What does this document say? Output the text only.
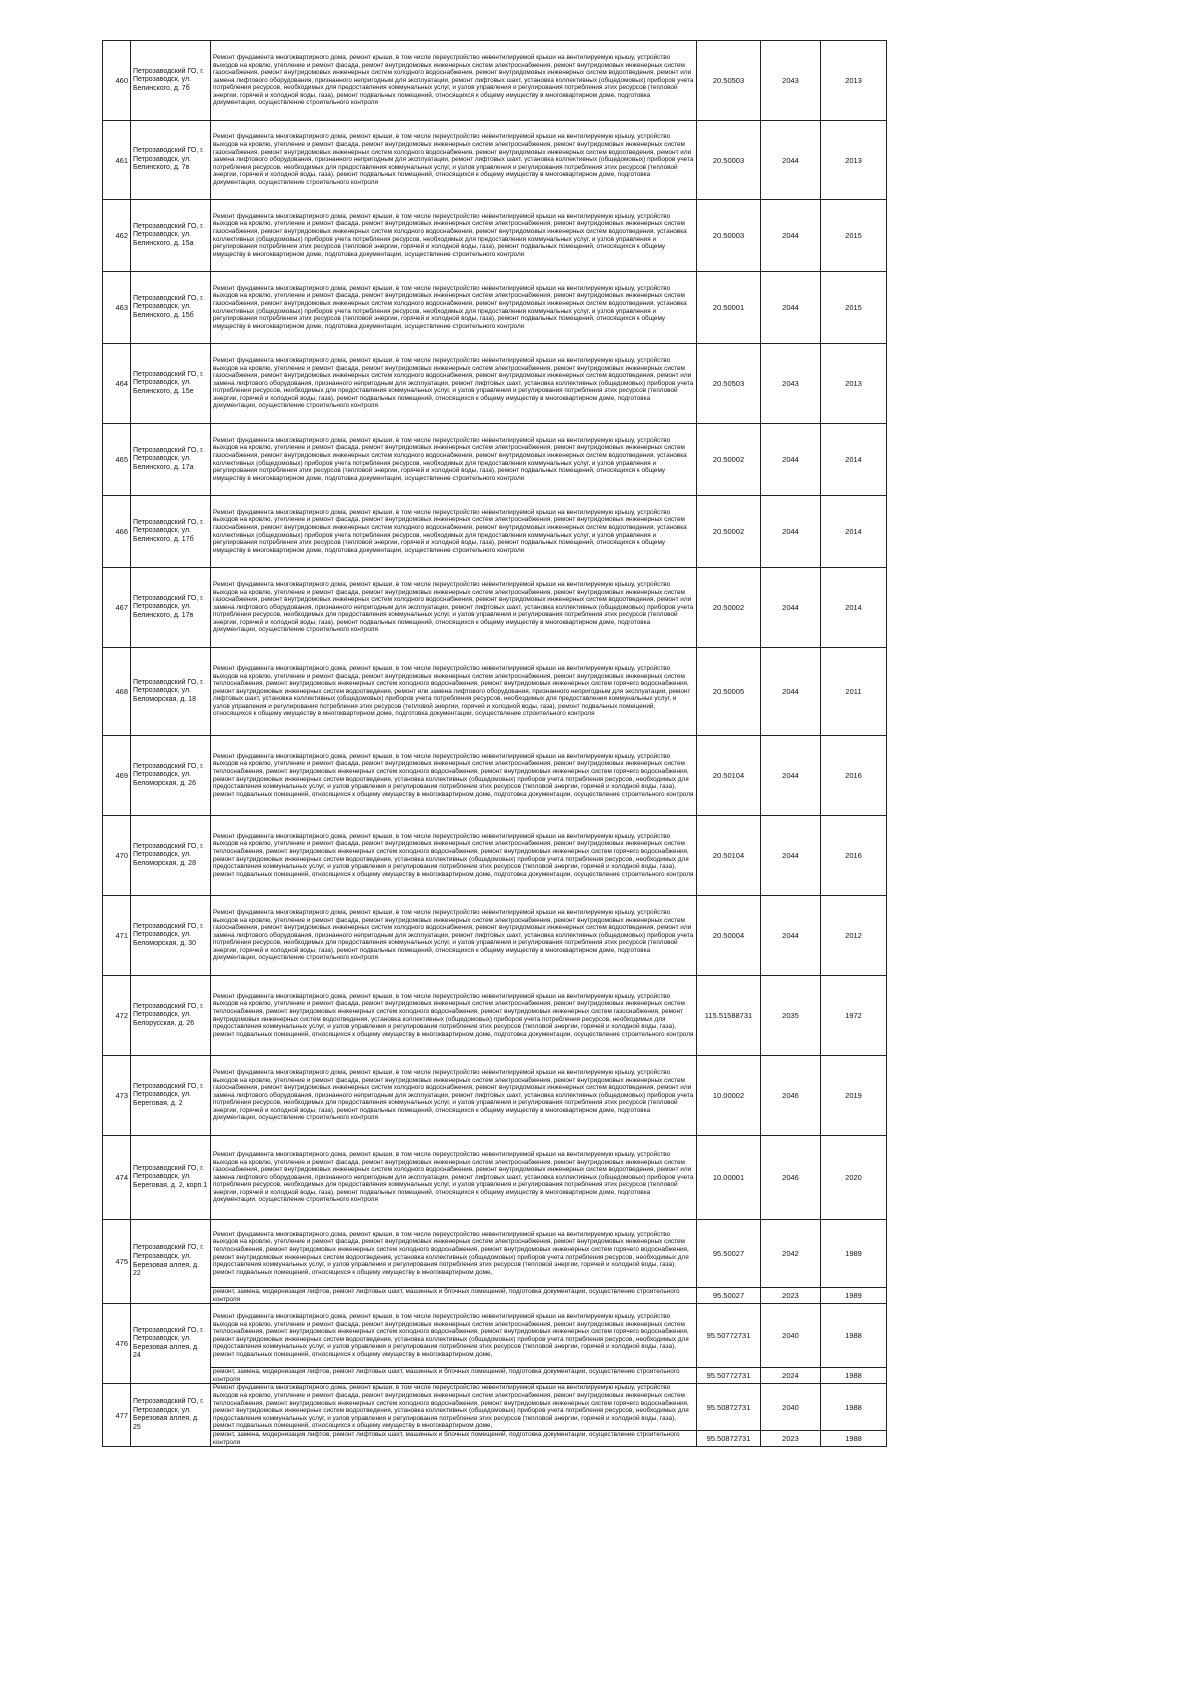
460	Петрозаводский ГО, г. Петрозаводск, ул. Белинского, д. 7б	Ремонт фундамента многоквартирного дома, ремонт крыши, в том числе переустройство невентилируемой крыши на вентилируемую крышу, устройство выходов на кровлю, утепление и ремонт фасада, ремонт внутридомовых инженерных систем электроснабжения, ремонт внутридомовых инженерных систем газоснабжения, ремонт внутридомовых инженерных систем холодного водоснабжения, ремонт внутридомовых инженерных систем водоотведения, ремонт или замена лифтового оборудования, признанного непригодным для эксплуатации, ремонт лифтовых шахт, установка коллективных (общедомовых) приборов учета потребления ресурсов, необходимых для предоставления коммунальных услуг, и узлов управления и регулирования потребления этих ресурсов (тепловой энергии, горячей и холодной воды, газа), ремонт подвальных помещений, относящихся к общему имуществу в многоквартирном доме, подготовка документации, осуществление строительного контроля	20.50503	2043	2013
461	Петрозаводский ГО, г. Петрозаводск, ул. Белинского, д. 7в	Ремонт фундамента многоквартирного дома, ремонт крыши, в том числе переустройство невентилируемой крыши на вентилируемую крышу, устройство выходов на кровлю, утепление и ремонт фасада, ремонт внутридомовых инженерных систем электроснабжения, ремонт внутридомовых инженерных систем газоснабжения, ремонт внутридомовых инженерных систем холодного водоснабжения, ремонт внутридомовых инженерных систем водоотведения, ремонт или замена лифтового оборудования, признанного непригодным для эксплуатации, ремонт лифтовых шахт, установка коллективных (общедомовых) приборов учета потребления ресурсов, необходимых для предоставления коммунальных услуг, и узлов управления и регулирования потребления этих ресурсов (тепловой энергии, горячей и холодной воды, газа), ремонт подвальных помещений, относящихся к общему имуществу в многоквартирном доме, подготовка документации, осуществление строительного контроля	20.50003	2044	2013
462	Петрозаводский ГО, г. Петрозаводск, ул. Белинского, д. 15а	Ремонт фундамента многоквартирного дома, ремонт крыши, в том числе переустройство невентилируемой крыши на вентилируемую крышу, устройство выходов на кровлю, утепление и ремонт фасада, ремонт внутридомовых инженерных систем электроснабжения, ремонт внутридомовых инженерных систем газоснабжения, ремонт внутридомовых инженерных систем холодного водоснабжения, ремонт внутридомовых инженерных систем водоотведения, установка коллективных (общедомовых) приборов учета потребления ресурсов, необходимых для предоставления коммунальных услуг, и узлов управления и регулирования потребления этих ресурсов (тепловой энергии, горячей и холодной воды, газа), ремонт подвальных помещений, относящихся к общему имуществу в многоквартирном доме, подготовка документации, осуществление строительного контроля	20.50003	2044	2015
463	Петрозаводский ГО, г. Петрозаводск, ул. Белинского, д. 15б	Ремонт фундамента многоквартирного дома, ремонт крыши, в том числе переустройство невентилируемой крыши на вентилируемую крышу, устройство выходов на кровлю, утепление и ремонт фасада, ремонт внутридомовых инженерных систем электроснабжения, ремонт внутридомовых инженерных систем газоснабжения, ремонт внутридомовых инженерных систем холодного водоснабжения, ремонт внутридомовых инженерных систем водоотведения, установка коллективных (общедомовых) приборов учета потребления ресурсов, необходимых для предоставления коммунальных услуг, и узлов управления и регулирования потребления этих ресурсов (тепловой энергии, горячей и холодной воды, газа), ремонт подвальных помещений, относящихся к общему имуществу в многоквартирном доме, подготовка документации, осуществление строительного контроля	20.50001	2044	2015
464	Петрозаводский ГО, г. Петрозаводск, ул. Белинского, д. 15е	Ремонт фундамента многоквартирного дома, ремонт крыши, в том числе переустройство невентилируемой крыши на вентилируемую крышу, устройство выходов на кровлю, утепление и ремонт фасада, ремонт внутридомовых инженерных систем электроснабжения, ремонт внутридомовых инженерных систем газоснабжения, ремонт внутридомовых инженерных систем холодного водоснабжения, ремонт внутридомовых инженерных систем водоотведения, ремонт или замена лифтового оборудования, признанного непригодным для эксплуатации, ремонт лифтовых шахт, установка коллективных (общедомовых) приборов учета потребления ресурсов, необходимых для предоставления коммунальных услуг, и узлов управления и регулирования потребления этих ресурсов (тепловой энергии, горячей и холодной воды, газа), ремонт подвальных помещений, относящихся к общему имуществу в многоквартирном доме, подготовка документации, осуществление строительного контроля	20.50503	2043	2013
465	Петрозаводский ГО, г. Петрозаводск, ул. Белинского, д. 17а	Ремонт фундамента многоквартирного дома, ремонт крыши, в том числе переустройство невентилируемой крыши на вентилируемую крышу, устройство выходов на кровлю, утепление и ремонт фасада, ремонт внутридомовых инженерных систем электроснабжения, ремонт внутридомовых инженерных систем газоснабжения, ремонт внутридомовых инженерных систем холодного водоснабжения, ремонт внутридомовых инженерных систем водоотведения, установка коллективных (общедомовых) приборов учета потребления ресурсов, необходимых для предоставления коммунальных услуг, и узлов управления и регулирования потребления этих ресурсов (тепловой энергии, горячей и холодной воды, газа), ремонт подвальных помещений, относящихся к общему имуществу в многоквартирном доме, подготовка документации, осуществление строительного контроля	20.50002	2044	2014
466	Петрозаводский ГО, г. Петрозаводск, ул. Белинского, д. 17б	Ремонт фундамента многоквартирного дома, ремонт крыши, в том числе переустройство невентилируемой крыши на вентилируемую крышу, устройство выходов на кровлю, утепление и ремонт фасада, ремонт внутридомовых инженерных систем электроснабжения, ремонт внутридомовых инженерных систем газоснабжения, ремонт внутридомовых инженерных систем холодного водоснабжения, ремонт внутридомовых инженерных систем водоотведения, установка коллективных (общедомовых) приборов учета потребления ресурсов, необходимых для предоставления коммунальных услуг, и узлов управления и регулирования потребления этих ресурсов (тепловой энергии, горячей и холодной воды, газа), ремонт подвальных помещений, относящихся к общему имуществу в многоквартирном доме, подготовка документации, осуществление строительного контроля	20.50002	2044	2014
467	Петрозаводский ГО, г. Петрозаводск, ул. Белинского, д. 17в	Ремонт фундамента многоквартирного дома, ремонт крыши, в том числе переустройство невентилируемой крыши на вентилируемую крышу, устройство выходов на кровлю, утепление и ремонт фасада, ремонт внутридомовых инженерных систем электроснабжения, ремонт внутридомовых инженерных систем газоснабжения, ремонт внутридомовых инженерных систем холодного водоснабжения, ремонт внутридомовых инженерных систем водоотведения, ремонт или замена лифтового оборудования, признанного непригодным для эксплуатации, ремонт лифтовых шахт, установка коллективных (общедомовых) приборов учета потребления ресурсов, необходимых для предоставления коммунальных услуг, и узлов управления и регулирования потребления этих ресурсов (тепловой энергии, горячей и холодной воды, газа), ремонт подвальных помещений, относящихся к общему имуществу в многоквартирном доме, подготовка документации, осуществление строительного контроля	20.50002	2044	2014
468	Петрозаводский ГО, г. Петрозаводск, ул. Беломорская, д. 18	Ремонт фундамента многоквартирного дома, ремонт крыши, в том числе переустройство невентилируемой крыши на вентилируемую крышу, устройство выходов на кровлю, утепление и ремонт фасада, ремонт внутридомовых инженерных систем электроснабжения, ремонт внутридомовых инженерных систем теплоснабжения, ремонт внутридомовых инженерных систем холодного водоснабжения, ремонт внутридомовых инженерных систем горячего водоснабжения, ремонт внутридомовых инженерных систем водоотведения, ремонт или замена лифтового оборудования, признанного непригодным для эксплуатации, ремонт лифтовых шахт, установка коллективных (общедомовых) приборов учета потребления ресурсов, необходимых для предоставления коммунальных услуг, и узлов управления и регулирования потребления этих ресурсов (тепловой энергии, горячей и холодной воды, газа), ремонт подвальных помещений, относящихся к общему имуществу в многоквартирном доме, подготовка документации, осуществление строительного контроля	20.50005	2044	2011
469	Петрозаводский ГО, г. Петрозаводск, ул. Беломорская, д. 26	Ремонт фундамента многоквартирного дома, ремонт крыши, в том числе переустройство невентилируемой крыши на вентилируемую крышу, устройство выходов на кровлю, утепление и ремонт фасада, ремонт внутридомовых инженерных систем электроснабжения, ремонт внутридомовых инженерных систем теплоснабжения, ремонт внутридомовых инженерных систем холодного водоснабжения, ремонт внутридомовых инженерных систем горячего водоснабжения, ремонт внутридомовых инженерных систем водоотведения, установка коллективных (общедомовых) приборов учета потребления ресурсов, необходимых для предоставления коммунальных услуг, и узлов управления и регулирования потребления этих ресурсов (тепловой энергии, горячей и холодной воды, газа), ремонт подвальных помещений, относящихся к общему имуществу в многоквартирном доме, подготовка документации, осуществление строительного контроля	20.50104	2044	2016
470	Петрозаводский ГО, г. Петрозаводск, ул. Беломорская, д. 28	Ремонт фундамента многоквартирного дома, ремонт крыши, в том числе переустройство невентилируемой крыши на вентилируемую крышу, устройство выходов на кровлю, утепление и ремонт фасада, ремонт внутридомовых инженерных систем электроснабжения, ремонт внутридомовых инженерных систем теплоснабжения, ремонт внутридомовых инженерных систем холодного водоснабжения, ремонт внутридомовых инженерных систем горячего водоснабжения, ремонт внутридомовых инженерных систем водоотведения, установка коллективных (общедомовых) приборов учета потребления ресурсов, необходимых для предоставления коммунальных услуг, и узлов управления и регулирования потребления этих ресурсов (тепловой энергии, горячей и холодной воды, газа), ремонт подвальных помещений, относящихся к общему имуществу в многоквартирном доме, подготовка документации, осуществление строительного контроля	20.50104	2044	2016
471	Петрозаводский ГО, г. Петрозаводск, ул. Беломорская, д. 30	Ремонт фундамента многоквартирного дома, ремонт крыши, в том числе переустройство невентилируемой крыши на вентилируемую крышу, устройство выходов на кровлю, утепление и ремонт фасада, ремонт внутридомовых инженерных систем электроснабжения, ремонт внутридомовых инженерных систем газоснабжения, ремонт внутридомовых инженерных систем холодного водоснабжения, ремонт внутридомовых инженерных систем водоотведения, ремонт или замена лифтового оборудования, признанного непригодным для эксплуатации, ремонт лифтовых шахт, установка коллективных (общедомовых) приборов учета потребления ресурсов, необходимых для предоставления коммунальных услуг, и узлов управления и регулирования потребления этих ресурсов (тепловой энергии, горячей и холодной воды, газа), ремонт подвальных помещений, относящихся к общему имуществу в многоквартирном доме, подготовка документации, осуществление строительного контроля	20.50004	2044	2012
472	Петрозаводский ГО, г. Петрозаводск, ул. Белорусская, д. 26	Ремонт фундамента многоквартирного дома, ремонт крыши, в том числе переустройство невентилируемой крыши на вентилируемую крышу, устройство выходов на кровлю, утепление и ремонт фасада, ремонт внутридомовых инженерных систем электроснабжения, ремонт внутридомовых инженерных систем теплоснабжения, ремонт внутридомовых инженерных систем холодного водоснабжения, ремонт внутридомовых инженерных систем газоснабжения, ремонт внутридомовых инженерных систем водоотведения, установка коллективных (общедомовых) приборов учета потребления ресурсов, необходимых для предоставления коммунальных услуг, и узлов управления и регулирования потребления этих ресурсов (тепловой энергии, горячей и холодной воды, газа), ремонт подвальных помещений, относящихся к общему имуществу в многоквартирном доме, подготовка документации, осуществление строительного контроля	115.51588731	2035	1972
473	Петрозаводский ГО, г. Петрозаводск, ул. Береговая, д. 2	Ремонт фундамента многоквартирного дома, ремонт крыши, в том числе переустройство невентилируемой крыши на вентилируемую крышу, устройство выходов на кровлю, утепление и ремонт фасада, ремонт внутридомовых инженерных систем электроснабжения, ремонт внутридомовых инженерных систем газоснабжения, ремонт внутридомовых инженерных систем холодного водоснабжения, ремонт внутридомовых инженерных систем водоотведения, ремонт или замена лифтового оборудования, признанного непригодным для эксплуатации, ремонт лифтовых шахт, установка коллективных (общедомовых) приборов учета потребления ресурсов, необходимых для предоставления коммунальных услуг, и узлов управления и регулирования потребления этих ресурсов (тепловой энергии, горячей и холодной воды, газа), ремонт подвальных помещений, относящихся к общему имуществу в многоквартирном доме, подготовка документации, осуществление строительного контроля	10.00002	2046	2019
474	Петрозаводский ГО, г. Петрозаводск, ул. Береговая, д. 2, корп.1	Ремонт фундамента многоквартирного дома, ремонт крыши, в том числе переустройство невентилируемой крыши на вентилируемую крышу, устройство выходов на кровлю, утепление и ремонт фасада, ремонт внутридомовых инженерных систем электроснабжения, ремонт внутридомовых инженерных систем газоснабжения, ремонт внутридомовых инженерных систем холодного водоснабжения, ремонт внутридомовых инженерных систем водоотведения, ремонт или замена лифтового оборудования, признанного непригодным для эксплуатации, ремонт лифтовых шахт, установка коллективных (общедомовых) приборов учета потребления ресурсов, необходимых для предоставления коммунальных услуг, и узлов управления и регулирования потребления этих ресурсов (тепловой энергии, горячей и холодной воды, газа), ремонт подвальных помещений, относящихся к общему имуществу в многоквартирном доме, подготовка документации, осуществление строительного контроля	10.00001	2046	2020
475	Петрозаводский ГО, г. Петрозаводск, ул. Березовая аллея, д. 22	Ремонт фундамента многоквартирного дома, ремонт крыши, в том числе переустройство невентилируемой крыши на вентилируемую крышу, устройство выходов на кровлю, утепление и ремонт фасада, ремонт внутридомовых инженерных систем электроснабжения, ремонт внутридомовых инженерных систем теплоснабжения, ремонт внутридомовых инженерных систем холодного водоснабжения, ремонт внутридомовых инженерных систем горячего водоснабжения, ремонт внутридомовых инженерных систем водоотведения, установка коллективных (общедомовых) приборов учета потребления ресурсов, необходимых для предоставления коммунальных услуг, и узлов управления и регулирования потребления этих ресурсов (тепловой энергии, горячей и холодной воды, газа), ремонт подвальных помещений, относящихся к общему имуществу в многоквартирном доме,	95.50027	2042	1989
		ремонт, замена, модернизация лифтов, ремонт лифтовых шахт, машинных и блочных помещений, подготовка документации, осуществление строительного контроля	95.50027	2023	1989
476	Петрозаводский ГО, г. Петрозаводск, ул. Березовая аллея, д. 24	Ремонт фундамента многоквартирного дома, ремонт крыши, в том числе переустройство невентилируемой крыши на вентилируемую крышу, устройство выходов на кровлю, утепление и ремонт фасада, ремонт внутридомовых инженерных систем электроснабжения, ремонт внутридомовых инженерных систем теплоснабжения, ремонт внутридомовых инженерных систем холодного водоснабжения, ремонт внутридомовых инженерных систем горячего водоснабжения, ремонт внутридомовых инженерных систем водоотведения, установка коллективных (общедомовых) приборов учета потребления ресурсов, необходимых для предоставления коммунальных услуг, и узлов управления и регулирования потребления этих ресурсов (тепловой энергии, горячей и холодной воды, газа), ремонт подвальных помещений, относящихся к общему имуществу в многоквартирном доме,	95.50772731	2040	1988
		ремонт, замена, модернизация лифтов, ремонт лифтовых шахт, машинных и блочных помещений, подготовка документации, осуществление строительного контроля	95.50772731	2024	1988
477	Петрозаводский ГО, г. Петрозаводск, ул. Березовая аллея, д. 25	Ремонт фундамента многоквартирного дома, ремонт крыши, в том числе переустройство невентилируемой крыши на вентилируемую крышу, устройство выходов на кровлю, утепление и ремонт фасада, ремонт внутридомовых инженерных систем электроснабжения, ремонт внутридомовых инженерных систем теплоснабжения, ремонт внутридомовых инженерных систем холодного водоснабжения, ремонт внутридомовых инженерных систем горячего водоснабжения, ремонт внутридомовых инженерных систем водоотведения, установка коллективных (общедомовых) приборов учета потребления ресурсов, необходимых для предоставления коммунальных услуг, и узлов управления и регулирования потребления этих ресурсов (тепловой энергии, горячей и холодной воды, газа), ремонт подвальных помещений, относящихся к общему имуществу в многоквартирном доме,	95.50872731	2040	1988
		ремонт, замена, модернизация лифтов, ремонт лифтовых шахт, машинных и блочных помещений, подготовка документации, осуществление строительного контроля	95.50872731	2023	1988
